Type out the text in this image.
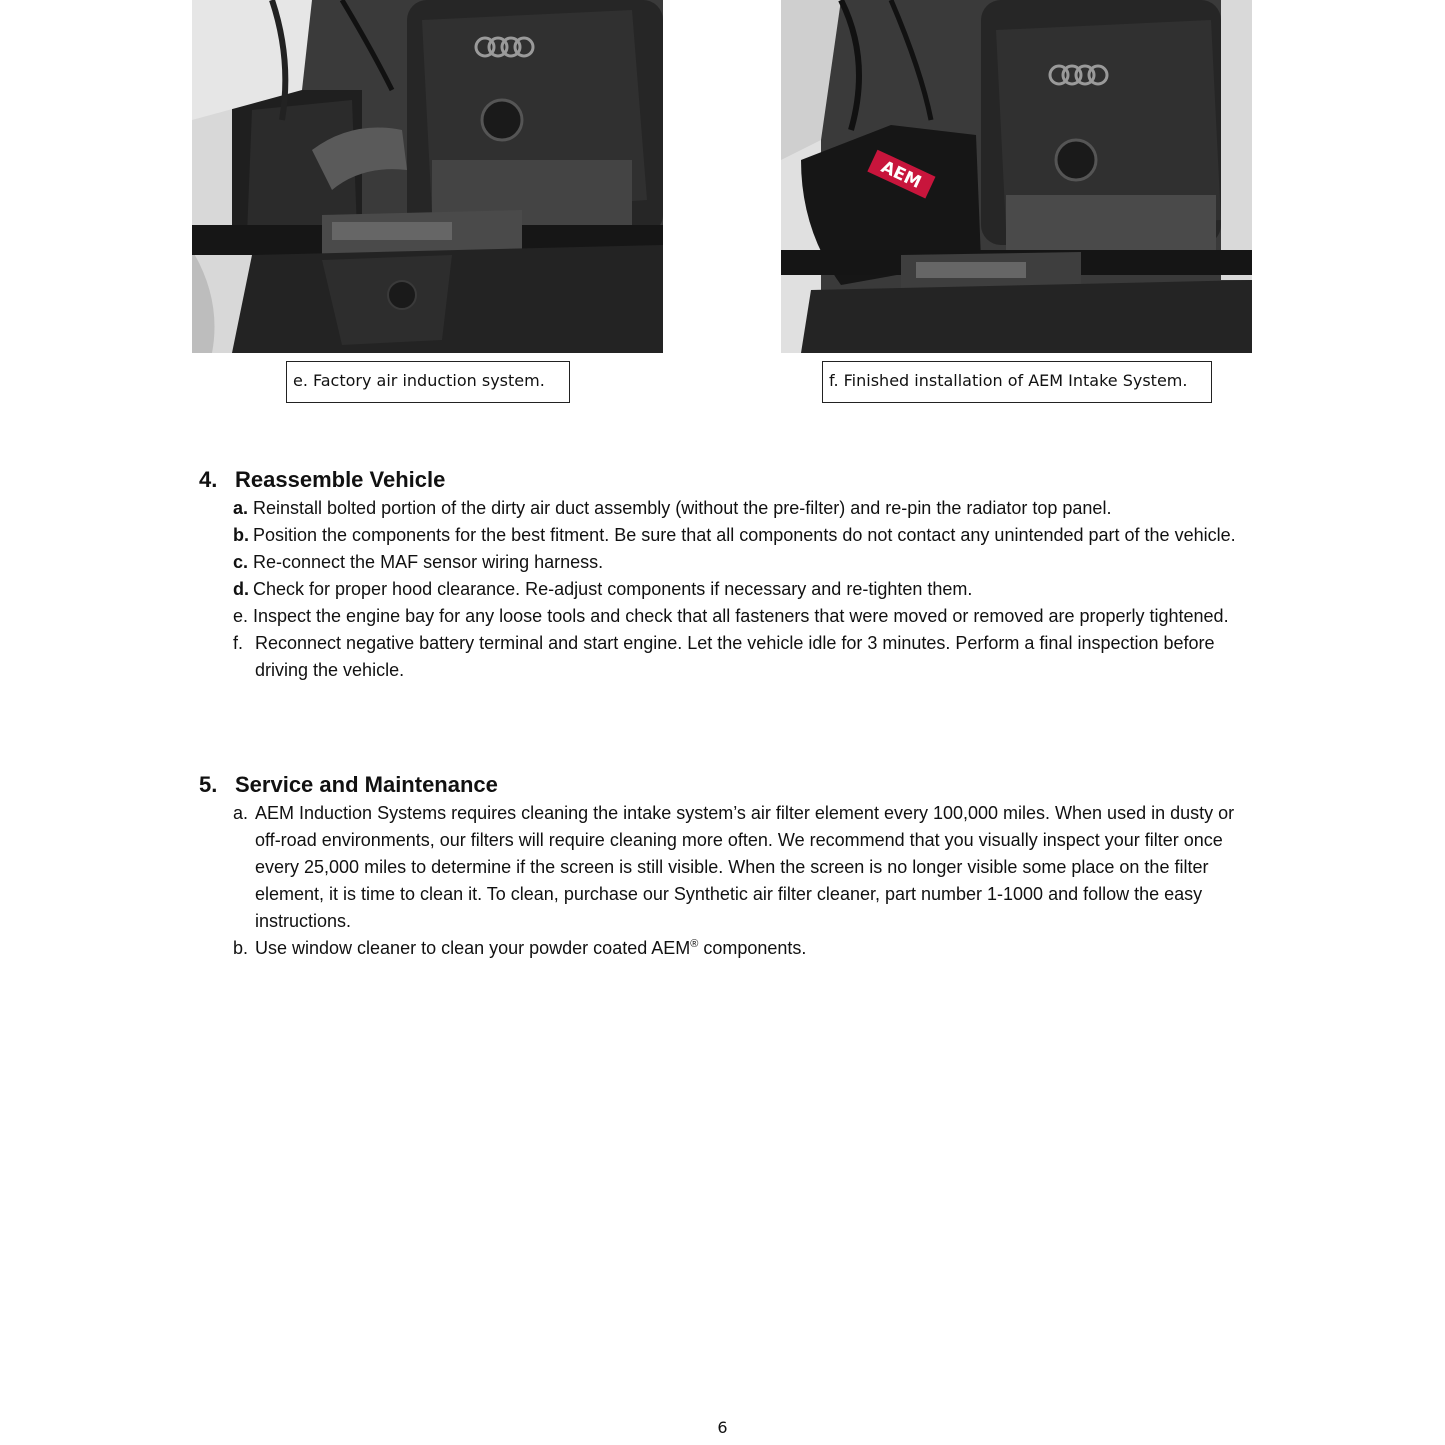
AEM
e. Factory air induction system.	f. Finished installation of AEM Intake System.
4. Reassemble Vehicle
a. Reinstall bolted portion of the dirty air duct assembly (without the pre-filter) and re-pin the radiator top panel.
b. Position the components for the best fitment. Be sure that all components do not contact any unintended part of the vehicle.
c. Re-connect the MAF sensor wiring harness.
d. Check for proper hood clearance. Re-adjust components if necessary and re-tighten them.
e. Inspect the engine bay for any loose tools and check that all fasteners that were moved or removed are properly tightened.
f. Reconnect negative battery terminal and start engine. Let the vehicle idle for 3 minutes. Perform a final inspection before driving the vehicle.
5. Service and Maintenance
a. AEM Induction Systems requires cleaning the intake system’s air filter element every 100,000 miles. When used in dusty or off-road environments, our filters will require cleaning more often. We recommend that you visually inspect your filter once every 25,000 miles to determine if the screen is still visible. When the screen is no longer visible some place on the filter element, it is time to clean it. To clean, purchase our Synthetic air filter cleaner, part number 1-1000 and follow the easy instructions.
b. Use window cleaner to clean your powder coated AEM® components.
6
